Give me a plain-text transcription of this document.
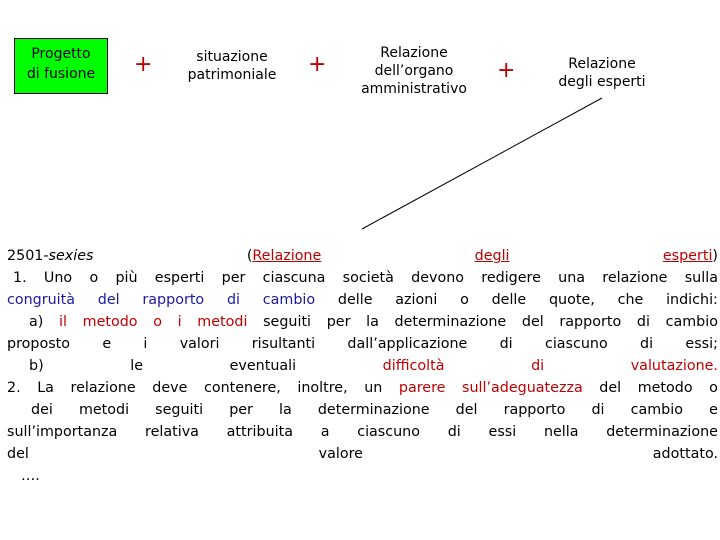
Progetto
di fusione	+	situazione
patrimoniale	+	Relazione
dell’organo
amministrativo
+	Relazione
degli esperti
2501-sexies	(Relazione	degli	esperti)
1. Uno o più esperti per ciascuna società devono redigere una relazione sulla
congruità del rapporto di cambio delle azioni o delle quote, che indichi:
a) il metodo o i metodi seguiti per la determinazione del rapporto di cambio
proposto e i valori risultanti dall’applicazione di ciascuno di essi;
b)	le	eventuali	difficoltà	di	valutazione.
2. La relazione deve contenere, inoltre, un parere sull’adeguatezza del metodo o
dei metodi seguiti per la determinazione del rapporto di cambio e
sull’importanza relativa attribuita a ciascuno di essi nella determinazione
del	valore	adottato.
….
